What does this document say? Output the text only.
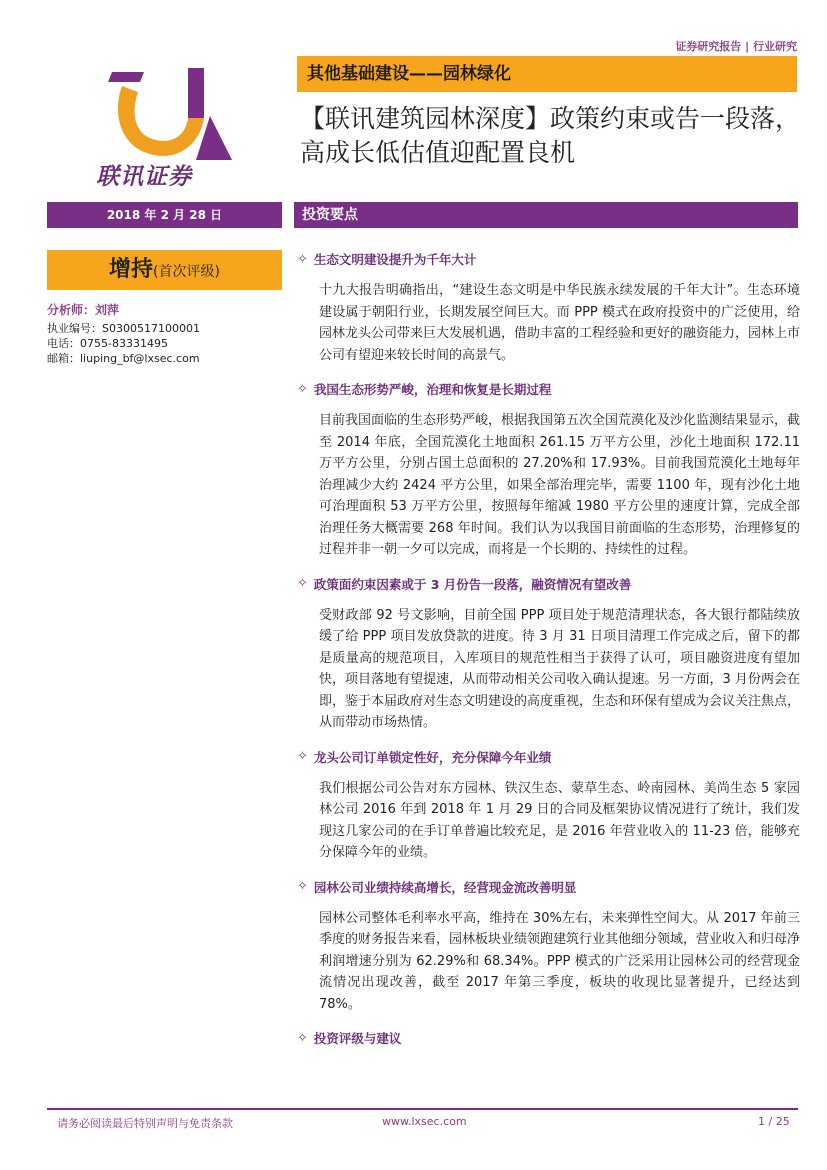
证券研究报告 | 行业研究
联讯证券
其他基础建设——园林绿化
【联讯建筑园林深度】政策约束或告一段落，高成长低估值迎配置良机
2018 年 2 月 28 日	投资要点
增持(首次评级)
分析师：刘萍
执业编号：S0300517100001
电话：0755-83331495
邮箱：liuping_bf@lxsec.com
✧ 生态文明建设提升为千年大计

十九大报告明确指出，“建设生态文明是中华民族永续发展的千年大计”。生态环境建设属于朝阳行业，长期发展空间巨大。而 PPP 模式在政府投资中的广泛使用，给园林龙头公司带来巨大发展机遇，借助丰富的工程经验和更好的融资能力，园林上市公司有望迎来较长时间的高景气。

✧ 我国生态形势严峻，治理和恢复是长期过程

目前我国面临的生态形势严峻，根据我国第五次全国荒漠化及沙化监测结果显示，截至 2014 年底，全国荒漠化土地面积 261.15 万平方公里，沙化土地面积 172.11 万平方公里，分别占国土总面积的 27.20%和 17.93%。目前我国荒漠化土地每年治理减少大约 2424 平方公里，如果全部治理完毕，需要 1100 年，现有沙化土地可治理面积 53 万平方公里，按照每年缩减 1980 平方公里的速度计算，完成全部治理任务大概需要 268 年时间。我们认为以我国目前面临的生态形势，治理修复的过程并非一朝一夕可以完成，而将是一个长期的、持续性的过程。

✧ 政策面约束因素或于 3 月份告一段落，融资情况有望改善

受财政部 92 号文影响，目前全国 PPP 项目处于规范清理状态，各大银行都陆续放缓了给 PPP 项目发放贷款的进度。待 3 月 31 日项目清理工作完成之后，留下的都是质量高的规范项目，入库项目的规范性相当于获得了认可，项目融资进度有望加快，项目落地有望提速，从而带动相关公司收入确认提速。另一方面，3 月份两会在即，鉴于本届政府对生态文明建设的高度重视，生态和环保有望成为会议关注焦点，从而带动市场热情。

✧ 龙头公司订单锁定性好，充分保障今年业绩

我们根据公司公告对东方园林、铁汉生态、蒙草生态、岭南园林、美尚生态 5 家园林公司 2016 年到 2018 年 1 月 29 日的合同及框架协议情况进行了统计，我们发现这几家公司的在手订单普遍比较充足，是 2016 年营业收入的 11-23 倍，能够充分保障今年的业绩。

✧ 园林公司业绩持续高增长，经营现金流改善明显

园林公司整体毛利率水平高，维持在 30%左右，未来弹性空间大。从 2017 年前三季度的财务报告来看，园林板块业绩领跑建筑行业其他细分领域，营业收入和归母净利润增速分别为 62.29%和 68.34%。PPP 模式的广泛采用让园林公司的经营现金流情况出现改善，截至 2017 年第三季度，板块的收现比显著提升，已经达到 78%。

✧ 投资评级与建议
请务必阅读最后特别声明与免责条款	www.lxsec.com	1 / 25
